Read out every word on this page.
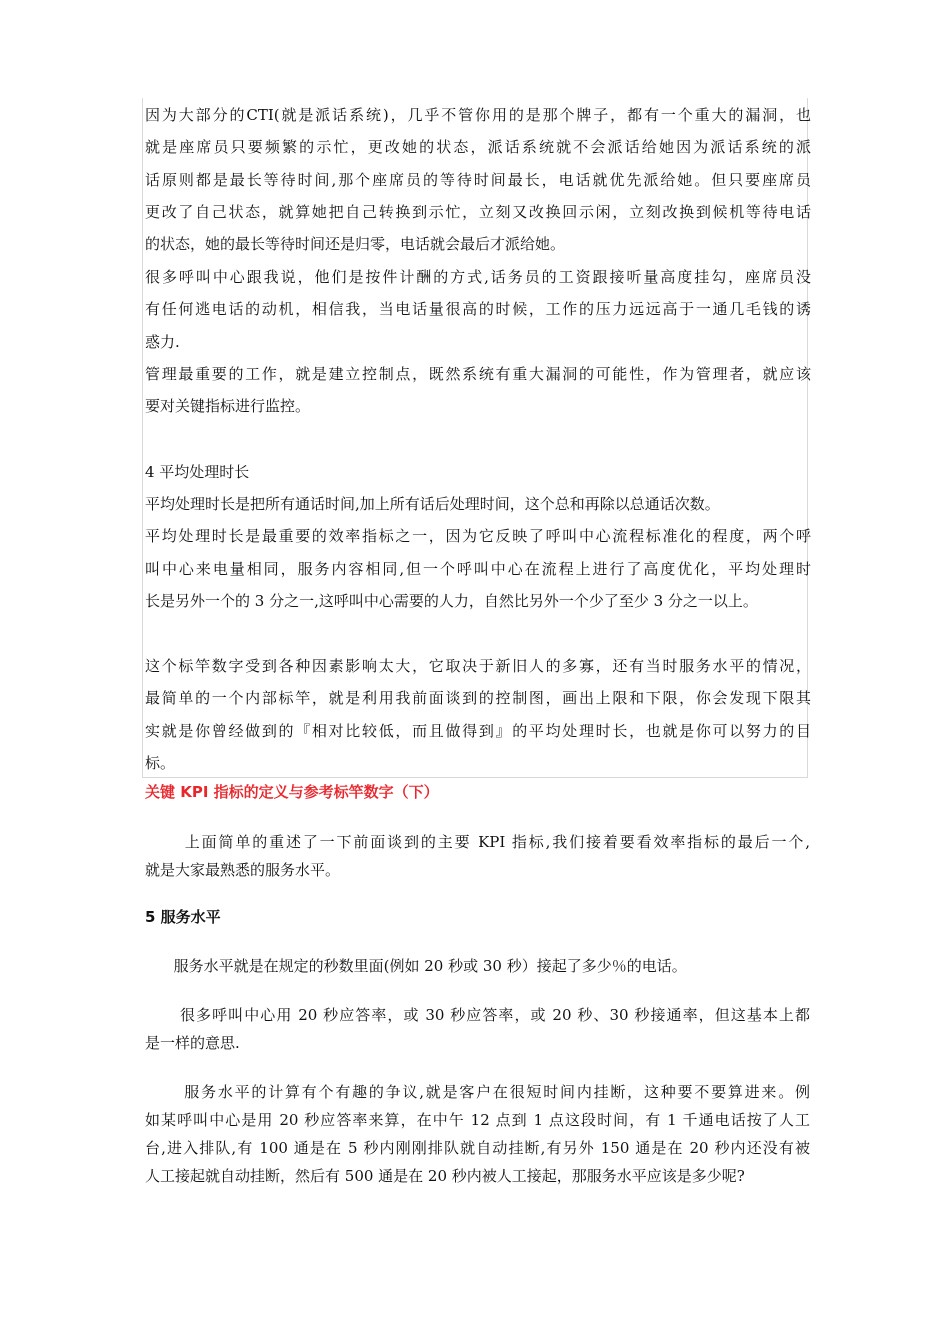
因为大部分的CTI(就是派话系统)，几乎不管你用的是那个牌子，都有一个重大的漏洞，也
就是座席员只要频繁的示忙，更改她的状态，派话系统就不会派话给她因为派话系统的派
话原则都是最长等待时间,那个座席员的等待时间最长，电话就优先派给她。但只要座席员
更改了自己状态，就算她把自己转换到示忙，立刻又改换回示闲，立刻改换到候机等待电话
的状态，她的最长等待时间还是归零，电话就会最后才派给她。
很多呼叫中心跟我说，他们是按件计酬的方式,话务员的工资跟接听量高度挂勾，座席员没
有任何逃电话的动机，相信我，当电话量很高的时候，工作的压力远远高于一通几毛钱的诱
惑力.
管理最重要的工作，就是建立控制点，既然系统有重大漏洞的可能性，作为管理者，就应该
要对关键指标进行监控。
4 平均处理时长
平均处理时长是把所有通话时间,加上所有话后处理时间，这个总和再除以总通话次数。
平均处理时长是最重要的效率指标之一，因为它反映了呼叫中心流程标准化的程度，两个呼
叫中心来电量相同，服务内容相同,但一个呼叫中心在流程上进行了高度优化，平均处理时
长是另外一个的 3 分之一,这呼叫中心需要的人力，自然比另外一个少了至少 3 分之一以上。
这个标竿数字受到各种因素影响太大，它取决于新旧人的多寡，还有当时服务水平的情况，
最简单的一个内部标竿，就是利用我前面谈到的控制图，画出上限和下限，你会发现下限其
实就是你曾经做到的『相对比较低，而且做得到』的平均处理时长，也就是你可以努力的目
标。
关键 KPI 指标的定义与参考标竿数字（下）
上面简单的重述了一下前面谈到的主要 KPI 指标,我们接着要看效率指标的最后一个,
就是大家最熟悉的服务水平。
5 服务水平
服务水平就是在规定的秒数里面(例如 20 秒或 30 秒）接起了多少％的电话。
很多呼叫中心用 20 秒应答率，或 30 秒应答率，或 20 秒、30 秒接通率，但这基本上都
是一样的意思.
服务水平的计算有个有趣的争议,就是客户在很短时间内挂断，这种要不要算进来。例
如某呼叫中心是用 20 秒应答率来算，在中午 12 点到 1 点这段时间，有 1 千通电话按了人工
台,进入排队,有 100 通是在 5 秒内刚刚排队就自动挂断,有另外 150 通是在 20 秒内还没有被
人工接起就自动挂断，然后有 500 通是在 20 秒内被人工接起，那服务水平应该是多少呢?
